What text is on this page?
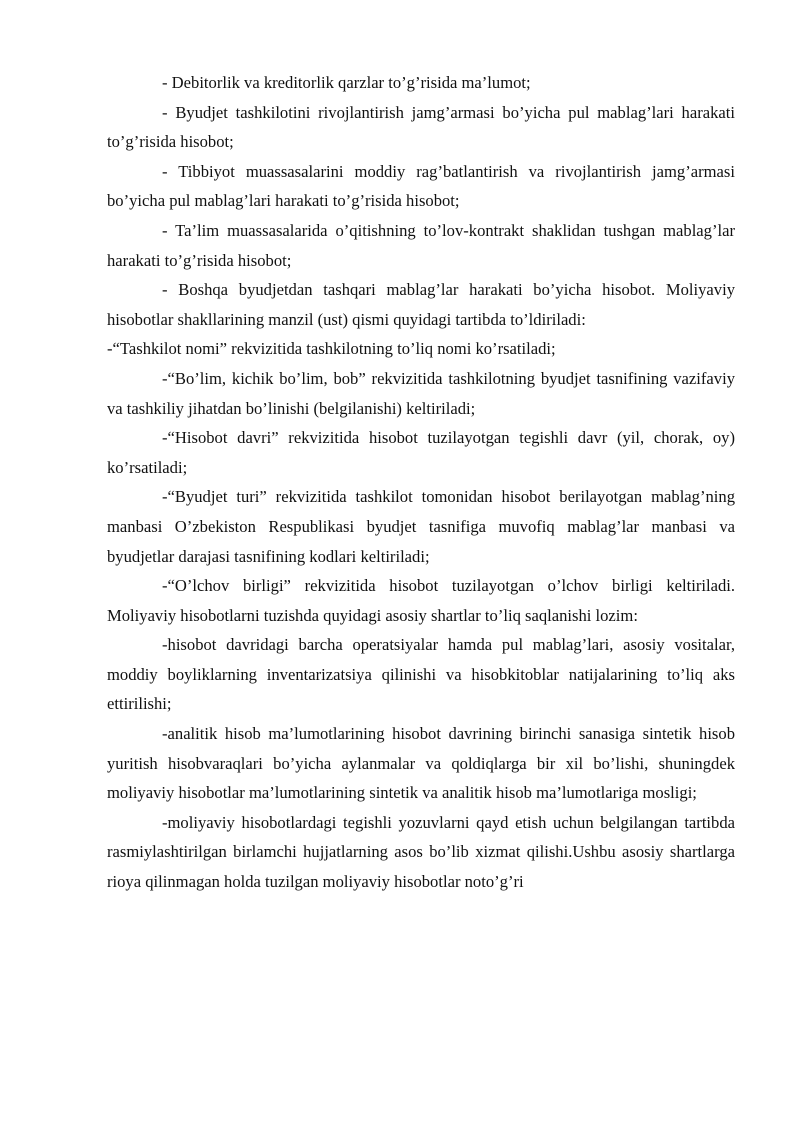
- Debitorlik va kreditorlik qarzlar to’g’risida ma’lumot;

- Byudjet tashkilotini rivojlantirish jamg’armasi bo’yicha pul mablag’lari harakati to’g’risida hisobot;

- Tibbiyot muassasalarini moddiy rag’batlantirish va rivojlantirish jamg’armasi bo’yicha pul mablag’lari harakati to’g’risida hisobot;

- Ta’lim muassasalarida o’qitishning to’lov-kontrakt shaklidan tushgan mablag’lar harakati to’g’risida hisobot;

- Boshqa byudjetdan tashqari mablag’lar harakati bo’yicha hisobot. Moliyaviy hisobotlar shakllarining manzil (ust) qismi quyidagi tartibda to’ldiriladi:

-“Tashkilot nomi” rekvizitida tashkilotning to’liq nomi ko’rsatiladi;

-“Bo’lim, kichik bo’lim, bob” rekvizitida tashkilotning byudjet tasnifining vazifaviy va tashkiliy jihatdan bo’linishi (belgilanishi) keltiriladi;

-“Hisobot davri” rekvizitida hisobot tuzilayotgan tegishli davr (yil, chorak, oy) ko’rsatiladi;

-“Byudjet turi” rekvizitida tashkilot tomonidan hisobot berilayotgan mablag’ning manbasi O’zbekiston Respublikasi byudjet tasnifiga muvofiq mablag’lar manbasi va byudjetlar darajasi tasnifining kodlari keltiriladi;

-“O’lchov birligi” rekvizitida hisobot tuzilayotgan o’lchov birligi keltiriladi. Moliyaviy hisobotlarni tuzishda quyidagi asosiy shartlar to’liq saqlanishi lozim:

-hisobot davridagi barcha operatsiyalar hamda pul mablag’lari, asosiy vositalar, moddiy boyliklarning inventarizatsiya qilinishi va hisobkitoblar natijalarining to’liq aks ettirilishi;

-analitik hisob ma’lumotlarining hisobot davrining birinchi sanasiga sintetik hisob yuritish hisobvaraqlari bo’yicha aylanmalar va qoldiqlarga bir xil bo’lishi, shuningdek moliyaviy hisobotlar ma’lumotlarining sintetik va analitik hisob ma’lumotlariga mosligi;

-moliyaviy hisobotlardagi tegishli yozuvlarni qayd etish uchun belgilangan tartibda rasmiylashtirilgan birlamchi hujjatlarning asos bo’lib xizmat qilishi.Ushbu asosiy shartlarga rioya qilinmagan holda tuzilgan moliyaviy hisobotlar noto’g’ri
